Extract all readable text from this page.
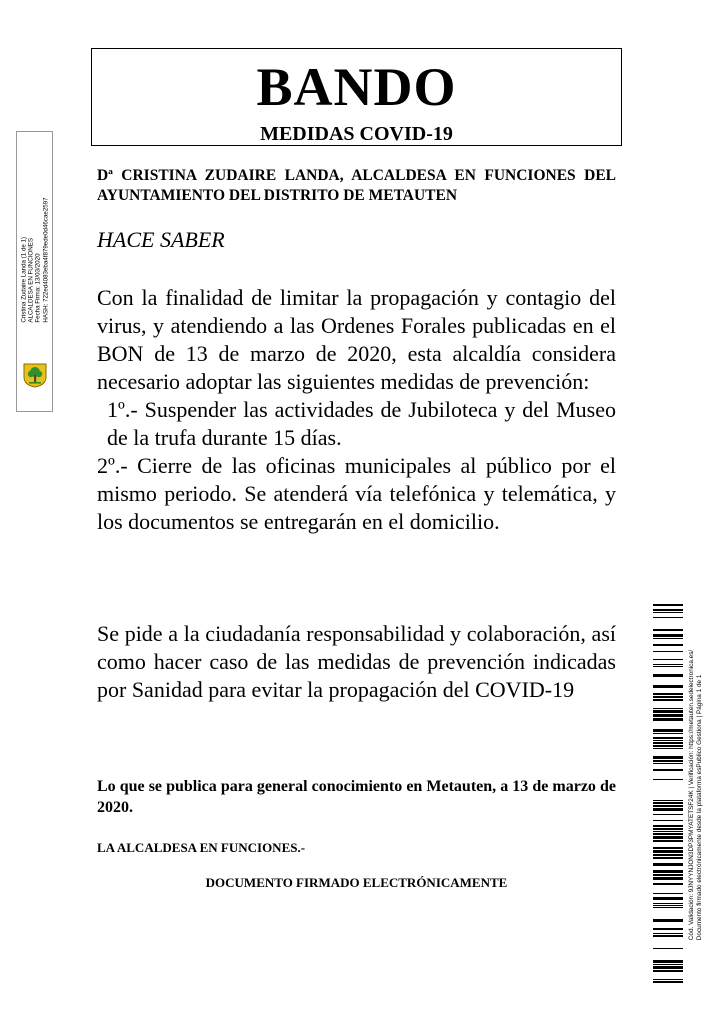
Cristina Zudaire Landa (1 de 1) ALCALDESA EN FUNCIONES Fecha Firma: 13/03/2020 HASH: 722ed4083eba4f879ede0d46cae2597
BANDO
MEDIDAS COVID-19
Dª CRISTINA ZUDAIRE LANDA, ALCALDESA EN FUNCIONES DEL AYUNTAMIENTO DEL DISTRITO DE METAUTEN
HACE SABER

Con la finalidad de limitar la propagación y contagio del virus, y atendiendo a las Ordenes Forales publicadas en el BON de 13 de marzo de 2020, esta alcaldía considera necesario adoptar las siguientes medidas de prevención:

1º.- Suspender las actividades de Jubiloteca y del Museo de la trufa durante 15 días.

2º.- Cierre de las oficinas municipales al público por el mismo periodo. Se atenderá vía telefónica y telemática, y los documentos se entregarán en el domicilio.

Se pide a la ciudadanía responsabilidad y colaboración, así como hacer caso de las medidas de prevención indicadas por Sanidad para evitar la propagación del COVID-19
Lo que se publica para general conocimiento en Metauten, a 13 de marzo de 2020.
LA ALCALDESA EN FUNCIONES.-
DOCUMENTO FIRMADO ELECTRÓNICAMENTE	Cód. Validación: 9JNYYNJON3DP3PMYATETSF24K | Verificación: https://metauten.sedelectronica.es/ Documento firmado electrónicamente desde la plataforma esPublico Gestiona | Página 1 de 1
